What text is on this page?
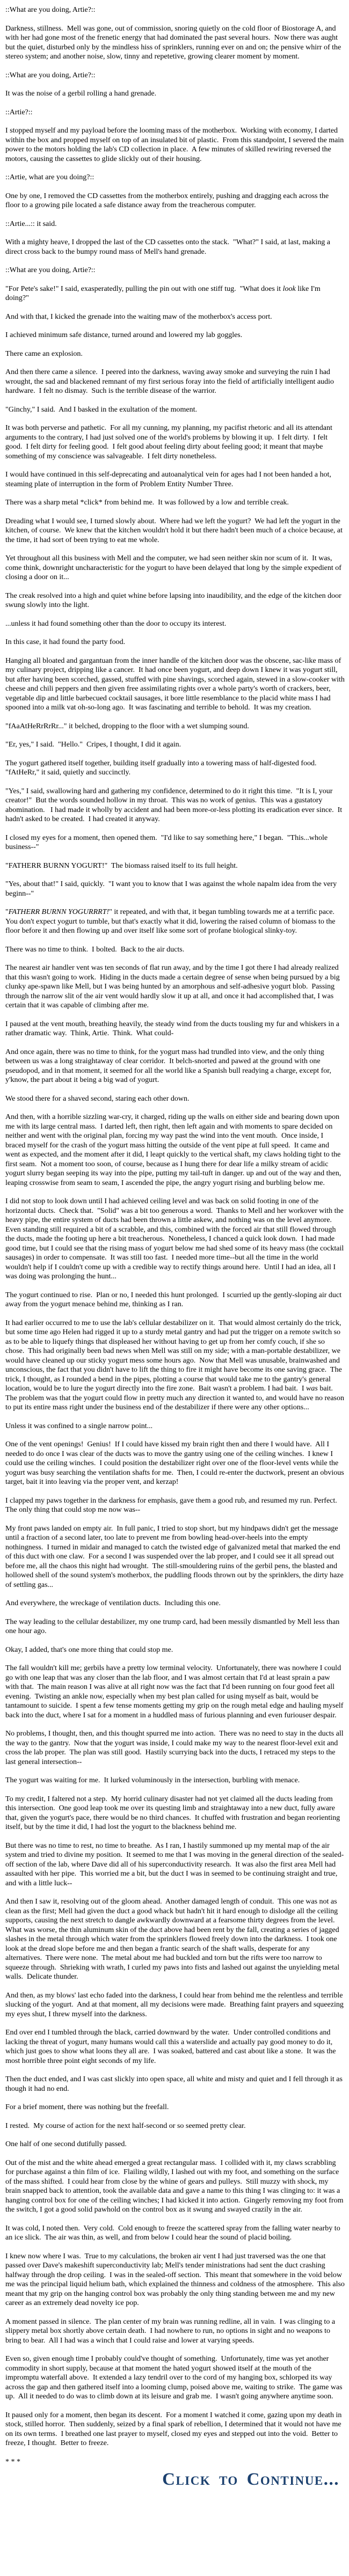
::What are you doing, Artie?::

Darkness, stillness.  Mell was gone, out of commission, snoring quietly on the cold floor of Biostorage A, and with her had gone most of the frenetic energy that had dominated the past several hours.  Now there was aught but the quiet, disturbed only by the mindless hiss of sprinklers, running ever on and on; the pensive whirr of the stereo system; and another noise, slow, tinny and repetetive, growing clearer moment by moment.

::What are you doing, Artie?::

It was the noise of a gerbil rolling a hand grenade.

::Artie?::

I stopped myself and my payload before the looming mass of the motherbox.  Working with economy, I darted within the box and propped myself on top of an insulated bit of plastic.  From this standpoint, I severed the main power to the motors holding the lab's CD collection in place.  A few minutes of skilled rewiring reversed the motors, causing the cassettes to glide slickly out of their housing.

::Artie, what are you doing?::

One by one, I removed the CD cassettes from the motherbox entirely, pushing and dragging each across the floor to a growing pile located a safe distance away from the treacherous computer.

::Artie...:: it said.

With a mighty heave, I dropped the last of the CD cassettes onto the stack.  "What?" I said, at last, making a direct cross back to the bumpy round mass of Mell's hand grenade.

::What are you doing, Artie?::

"For Pete's sake!" I said, exasperatedly, pulling the pin out with one stiff tug.  "What does it look like I'm doing?"

And with that, I kicked the grenade into the waiting maw of the motherbox's access port.

I achieved minimum safe distance, turned around and lowered my lab goggles.

There came an explosion.

And then there came a silence.  I peered into the darkness, waving away smoke and surveying the ruin I had wrought, the sad and blackened remnant of my first serious foray into the field of artificially intelligent audio hardware.  I felt no dismay.  Such is the terrible disease of the warrior.

"Ginchy," I said.  And I basked in the exultation of the moment.

It was both perverse and pathetic.  For all my cunning, my planning, my pacifist rhetoric and all its attendant arguments to the contrary, I had just solved one of the world's problems by blowing it up.  I felt dirty.  I felt good.  I felt dirty for feeling good.  I felt good about feeling dirty about feeling good; it meant that maybe something of my conscience was salvageable.  I felt dirty nonetheless.

I would have continued in this self-deprecating and autoanalytical vein for ages had I not been handed a hot, steaming plate of interruption in the form of Problem Entity Number Three.

There was a sharp metal *click* from behind me.  It was followed by a low and terrible creak.

Dreading what I would see, I turned slowly about.  Where had we left the yogurt?  We had left the yogurt in the kitchen, of course.  We knew that the kitchen wouldn't hold it but there hadn't been much of a choice because, at the time, it had sort of been trying to eat me whole.

Yet throughout all this business with Mell and the computer, we had seen neither skin nor scum of it.  It was, come think, downright uncharacteristic for the yogurt to have been delayed that long by the simple expedient of closing a door on it...

The creak resolved into a high and quiet whine before lapsing into inaudibility, and the edge of the kitchen door swung slowly into the light.

...unless it had found something other than the door to occupy its interest.

In this case, it had found the party food.

Hanging all bloated and gargantuan from the inner handle of the kitchen door was the obscene, sac-like mass of my culinary project, dripping like a cancer.  It had once been yogurt, and deep down I knew it was yogurt still, but after having been scorched, gassed, stuffed with pine shavings, scorched again, stewed in a slow-cooker with cheese and chili peppers and then given free assimilating rights over a whole party's worth of crackers, beer, vegetable dip and little barbecued cocktail sausages, it bore little resemblance to the placid white mass I had spooned into a milk vat oh-so-long ago.  It was fascinating and terrible to behold.  It was my creation.

"fAaAtHeRrRrRr..." it belched, dropping to the floor with a wet slumping sound.

"Er, yes," I said.  "Hello."  Cripes, I thought, I did it again.

The yogurt gathered itself together, building itself gradually into a towering mass of half-digested food.  "fAtHeRr," it said, quietly and succinctly.

"Yes," I said, swallowing hard and gathering my confidence, determined to do it right this time.  "It is I, your creator!"  But the words sounded hollow in my throat.  This was no work of genius.  This was a gustatory abomination.   I had made it wholly by accident and had been more-or-less plotting its eradication ever since.  It hadn't asked to be created.  I had created it anyway.

I closed my eyes for a moment, then opened them.  "I'd like to say something here," I began.  "This...whole business--"

"FATHERR BURNN YOGURT!"  The biomass raised itself to its full height.

"Yes, about that!" I said, quickly.  "I want you to know that I was against the whole napalm idea from the very beginn--"

"FATHERR BURNN YOGURRRT!" it repeated, and with that, it began tumbling towards me at a terrific pace.  You don't expect yogurt to tumble, but that's exactly what it did, lowering the raised column of biomass to the floor before it and then flowing up and over itself like some sort of profane biological slinky-toy.

There was no time to think.  I bolted.  Back to the air ducts.

The nearest air handler vent was ten seconds of flat run away, and by the time I got there I had already realized that this wasn't going to work.  Hiding in the ducts made a certain degree of sense when being pursued by a big clunky ape-spawn like Mell, but I was being hunted by an amorphous and self-adhesive yogurt blob.  Passing through the narrow slit of the air vent would hardly slow it up at all, and once it had accomplished that, I was certain that it was capable of climbing after me.

I paused at the vent mouth, breathing heavily, the steady wind from the ducts tousling my fur and whiskers in a rather dramatic way.  Think, Artie.  Think.  What could-

And once again, there was no time to think, for the yogurt mass had trundled into view, and the only thing between us was a long straightaway of clear corridor.  It belch-snorted and pawed at the ground with one pseudopod, and in that moment, it seemed for all the world like a Spanish bull readying a charge, except for, y'know, the part about it being a big wad of yogurt.

We stood there for a shaved second, staring each other down.

And then, with a horrible sizzling war-cry, it charged, riding up the walls on either side and bearing down upon me with its large central mass.  I darted left, then right, then left again and with moments to spare decided on neither and went with the original plan, forcing my way past the wind into the vent mouth.  Once inside, I braced myself for the crash of the yogurt mass hitting the outside of the vent pipe at full speed.  It came and went as expected, and the moment after it did, I leapt quickly to the vertical shaft, my claws holding tight to the first seam.  Not a moment too soon, of course, because as I hung there for dear life a milky stream of acidic yogurt slurry began seeping its way into the pipe, putting my tail-tuft in danger. up and out of the way and then, leaping crosswise from seam to seam, I ascended the pipe, the angry yogurt rising and burbling below me.

I did not stop to look down until I had achieved ceiling level and was back on solid footing in one of the horizontal ducts.  Check that.  "Solid" was a bit too generous a word.  Thanks to Mell and her workover with the heavy pipe, the entire system of ducts had been thrown a little askew, and nothing was on the level anymore.  Even standing still required a bit of a scrabble, and this, combined with the forced air that still flowed through the ducts, made the footing up here a bit treacherous.  Nonetheless, I chanced a quick look down.  I had made good time, but I could see that the rising mass of yogurt below me had shed some of its heavy mass (the cocktail sausages) in order to compensate.  It was still too fast.  I needed more time--but all the time in the world wouldn't help if I couldn't come up with a credible way to rectify things around here.  Until I had an idea, all I was doing was prolonging the hunt...

The yogurt continued to rise.  Plan or no, I needed this hunt prolonged.  I scurried up the gently-sloping air duct away from the yogurt menace behind me, thinking as I ran.

It had earlier occurred to me to use the lab's cellular destabilizer on it.  That would almost certainly do the trick, but some time ago Helen had rigged it up to a sturdy metal gantry and had put the trigger on a remote switch so as to be able to liquefy things that displeased her without having to get up from her comfy couch, if she so chose.  This had originally been bad news when Mell was still on my side; with a man-portable destabilizer, we would have cleaned up our sticky yogurt mess some hours ago.  Now that Mell was unusable, brainwashed and unconscious, the fact that you didn't have to lift the thing to fire it might have become its one saving grace.  The trick, I thought, as I rounded a bend in the pipes, plotting a course that would take me to the gantry's general location, would be to lure the yogurt directly into the fire zone.  Bait wasn't a problem. I had bait.  I was bait.  The problem was that the yogurt could flow in pretty much any direction it wanted to, and would have no reason to put its entire mass right under the business end of the destabilizer if there were any other options...

Unless it was confined to a single narrow point...

One of the vent openings!  Genius!  If I could have kissed my brain right then and there I would have.  All I needed to do once I was clear of the ducts was to move the gantry using one of the ceiling winches.  I knew I could use the ceiling winches.  I could position the destabilizer right over one of the floor-level vents while the yogurt was busy searching the ventilation shafts for me.  Then, I could re-enter the ductwork, present an obvious target, bait it into leaving via the proper vent, and kerzap!

I clapped my paws together in the darkness for emphasis, gave them a good rub, and resumed my run. Perfect.  The only thing that could stop me now was--

My front paws landed on empty air.  In full panic, I tried to stop short, but my hindpaws didn't get the message until a fraction of a second later, too late to prevent me from bowling head-over-heels into the empty nothingness.  I turned in midair and managed to catch the twisted edge of galvanized metal that marked the end of this duct with one claw.  For a second I was suspended over the lab proper, and I could see it all spread out before me, all the chaos this night had wrought.  The still-smouldering ruins of the gerbil pens, the blasted and hollowed shell of the sound system's motherbox, the puddling floods thrown out by the sprinklers, the dirty haze of settling gas...

And everywhere, the wreckage of ventilation ducts.  Including this one.

The way leading to the cellular destabilizer, my one trump card, had been messily dismantled by Mell less than one hour ago.

Okay, I added, that's one more thing that could stop me.

The fall wouldn't kill me; gerbils have a pretty low terminal velocity.  Unfortunately, there was nowhere I could go with one leap that was any closer than the lab floor, and I was almost certain that I'd at least sprain a paw with that.  The main reason I was alive at all right now was the fact that I'd been running on four good feet all evening.  Twisting an ankle now, especially when my best plan called for using myself as bait, would be tantamount to suicide.  I spent a few tense moments getting my grip on the rough metal edge and hauling myself back into the duct, where I sat for a moment in a huddled mass of furious planning and even furiouser despair.

No problems, I thought, then, and this thought spurred me into action.  There was no need to stay in the ducts all the way to the gantry.  Now that the yogurt was inside, I could make my way to the nearest floor-level exit and cross the lab proper.  The plan was still good.  Hastily scurrying back into the ducts, I retraced my steps to the last general intersection--

The yogurt was waiting for me.  It lurked voluminously in the intersection, burbling with menace.

To my credit, I faltered not a step.  My horrid culinary disaster had not yet claimed all the ducts leading from this intersection.  One good leap took me over its questing limb and straightaway into a new duct, fully aware that, given the yogurt's pace, there would be no third chances.  It chuffed with frustration and began reorienting itself, but by the time it did, I had lost the yogurt to the blackness behind me.

But there was no time to rest, no time to breathe.  As I ran, I hastily summoned up my mental map of the air system and tried to divine my position.  It seemed to me that I was moving in the general direction of the sealed-off section of the lab, where Dave did all of his superconductivity research.  It was also the first area Mell had assaulted with her pipe.  This worried me a bit, but the duct I was in seemed to be continuing straight and true, and with a little luck--

And then I saw it, resolving out of the gloom ahead.  Another damaged length of conduit.  This one was not as clean as the first; Mell had given the duct a good whack but hadn't hit it hard enough to dislodge all the ceiling supports, causing the next stretch to dangle awkwardly downward at a fearsome thirty degrees from the level.  What was worse, the thin aluminum skin of the duct above had been rent by the fall, creating a series of jagged slashes in the metal through which water from the sprinklers flowed freely down into the darkness.  I took one look at the dread slope before me and then began a frantic search of the shaft walls, desperate for any alternatives.  There were none.  The metal about me had buckled and torn but the rifts were too narrow to squeeze through.  Shrieking with wrath, I curled my paws into fists and lashed out against the unyielding metal walls.  Delicate thunder.

And then, as my blows' last echo faded into the darkness, I could hear from behind me the relentless and terrible slucking of the yogurt.  And at that moment, all my decisions were made.  Breathing faint prayers and squeezing my eyes shut, I threw myself into the darkness.

End over end I tumbled through the black, carried downward by the water.  Under controlled conditions and lacking the threat of yogurt, many humans would call this a waterslide and actually pay good money to do it, which just goes to show what loons they all are.  I was soaked, battered and cast about like a stone.  It was the most horrible three point eight seconds of my life.

Then the duct ended, and I was cast slickly into open space, all white and misty and quiet and I fell through it as though it had no end.

For a brief moment, there was nothing but the freefall.

I rested.  My course of action for the next half-second or so seemed pretty clear.

One half of one second dutifully passed.

Out of the mist and the white ahead emerged a great rectangular mass.  I collided with it, my claws scrabbling for purchase against a thin film of ice.  Flailing wildly, I lashed out with my foot, and something on the surface of the mass shifted.  I could hear from close by the whine of gears and pulleys.  Still muzzy with shock, my brain snapped back to attention, took the available data and gave a name to this thing I was clinging to: it was a hanging control box for one of the ceiling winches; I had kicked it into action.  Gingerly removing my foot from the switch, I got a good solid pawhold on the control box as it swung and swayed crazily in the air.

It was cold, I noted then.  Very cold.  Cold enough to freeze the scattered spray from the falling water nearby to an ice slick.  The air was thin, as well, and from below I could hear the sound of placid boiling.

I knew now where I was.  True to my calculations, the broken air vent I had just traversed was the one that passed over Dave's makeshift superconductivity lab; Mell's tender ministrations had sent the duct crashing halfway through the drop ceiling.  I was in the sealed-off section.  This meant that somewhere in the void below me was the principal liquid helium bath, which explained the thinness and coldness of the atmosphere.  This also meant that my grip on the hanging control box was probably the only thing standing between me and my new career as an extremely dead novelty ice pop.

A moment passed in silence.  The plan center of my brain was running redline, all in vain.  I was clinging to a slippery metal box shortly above certain death.  I had nowhere to run, no options in sight and no weapons to bring to bear.  All I had was a winch that I could raise and lower at varying speeds.

Even so, given enough time I probably could've thought of something.  Unfortunately, time was yet another commodity in short supply, because at that moment the hated yogurt showed itself at the mouth of the impromptu waterfall above.  It extended a lazy tendril over to the cord of my hanging box, schlorped its way across the gap and then gathered itself into a looming clump, poised above me, waiting to strike.  The game was up.  All it needed to do was to climb down at its leisure and grab me.  I wasn't going anywhere anytime soon.

It paused only for a moment, then began its descent.  For a moment I watched it come, gazing upon my death in stock, stilled horror.  Then suddenly, seized by a final spark of rebellion, I determined that it would not have me on its own terms.  I breathed one last prayer to myself, closed my eyes and stepped out into the void.  Better to freeze, I thought.  Better to freeze.

* * *

Click to Continue...
